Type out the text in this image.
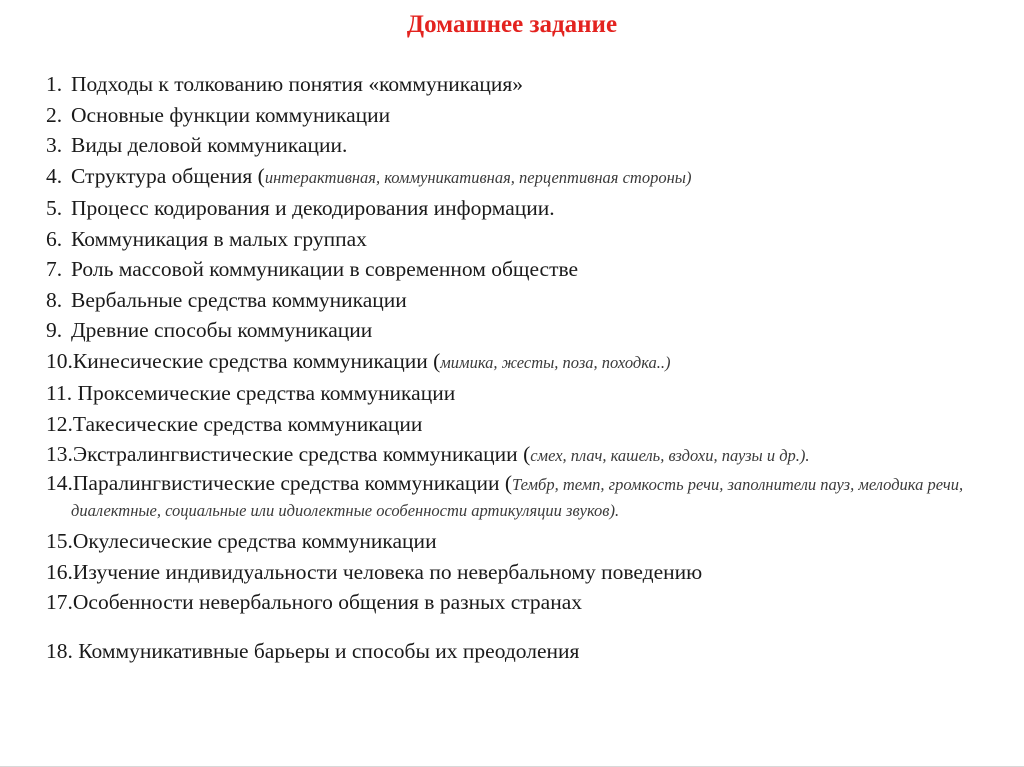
Домашнее задание
1. Подходы к толкованию понятия «коммуникация»
2. Основные функции коммуникации
3. Виды деловой коммуникации.
4. Структура общения (интерактивная, коммуникативная, перцептивная стороны)
5. Процесс кодирования и декодирования информации.
6. Коммуникация в малых группах
7. Роль массовой коммуникации в современном обществе
8. Вербальные средства коммуникации
9. Древние способы коммуникации
10.Кинесические средства коммуникации (мимика, жесты, поза, походка..)
11. Проксемические средства коммуникации
12.Такесические средства коммуникации
13.Экстралингвистические средства коммуникации (смех, плач, кашель, вздохи, паузы и др.).
14.Паралингвистические средства коммуникации (Тембр, темп, громкость речи, заполнители пауз, мелодика речи, диалектные, социальные или идиолектные особенности артикуляции звуков).
15.Окулесические средства коммуникации
16.Изучение индивидуальности человека по невербальному поведению
17.Особенности невербального общения в разных странах
18. Коммуникативные барьеры и способы их преодоления
